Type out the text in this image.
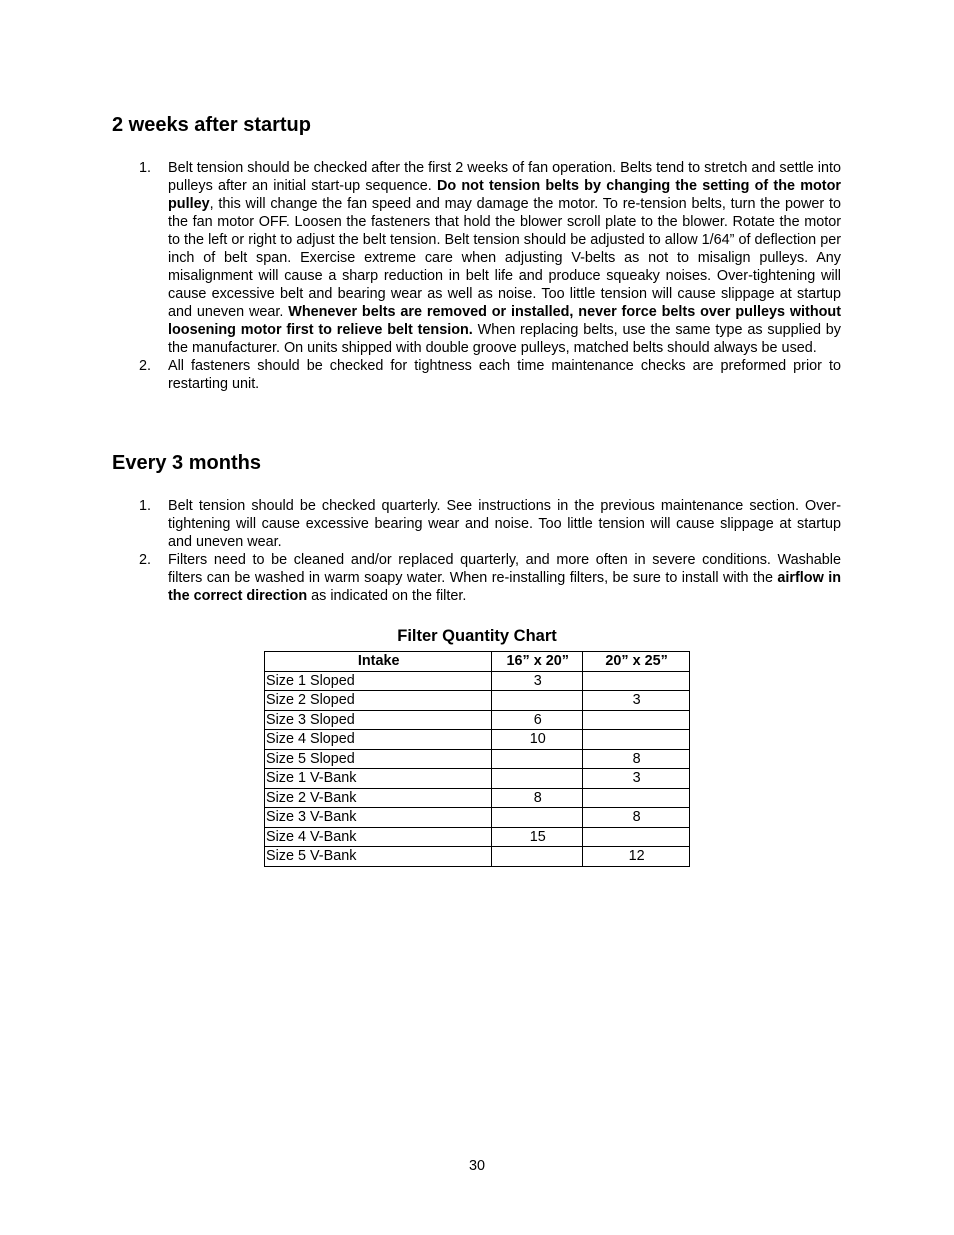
2 weeks after startup
1.	Belt tension should be checked after the first 2 weeks of fan operation. Belts tend to stretch and settle into pulleys after an initial start-up sequence. Do not tension belts by changing the setting of the motor pulley, this will change the fan speed and may damage the motor. To re-tension belts, turn the power to the fan motor OFF. Loosen the fasteners that hold the blower scroll plate to the blower. Rotate the motor to the left or right to adjust the belt tension. Belt tension should be adjusted to allow 1/64” of deflection per inch of belt span. Exercise extreme care when adjusting V-belts as not to misalign pulleys. Any misalignment will cause a sharp reduction in belt life and produce squeaky noises. Over-tightening will cause excessive belt and bearing wear as well as noise. Too little tension will cause slippage at startup and uneven wear. Whenever belts are removed or installed, never force belts over pulleys without loosening motor first to relieve belt tension. When replacing belts, use the same type as supplied by the manufacturer. On units shipped with double groove pulleys, matched belts should always be used.
2.	All fasteners should be checked for tightness each time maintenance checks are preformed prior to restarting unit.
Every 3 months
1.	Belt tension should be checked quarterly. See instructions in the previous maintenance section. Over-tightening will cause excessive bearing wear and noise. Too little tension will cause slippage at startup and uneven wear.
2.	Filters need to be cleaned and/or replaced quarterly, and more often in severe conditions. Washable filters can be washed in warm soapy water. When re-installing filters, be sure to install with the airflow in the correct direction as indicated on the filter.
Filter Quantity Chart
Intake	16” x 20”	20” x 25”
Size 1 Sloped	3	
Size 2 Sloped		3
Size 3 Sloped	6	
Size 4 Sloped	10	
Size 5 Sloped		8
Size 1 V-Bank		3
Size 2 V-Bank	8	
Size 3 V-Bank		8
Size 4 V-Bank	15	
Size 5 V-Bank		12
30
